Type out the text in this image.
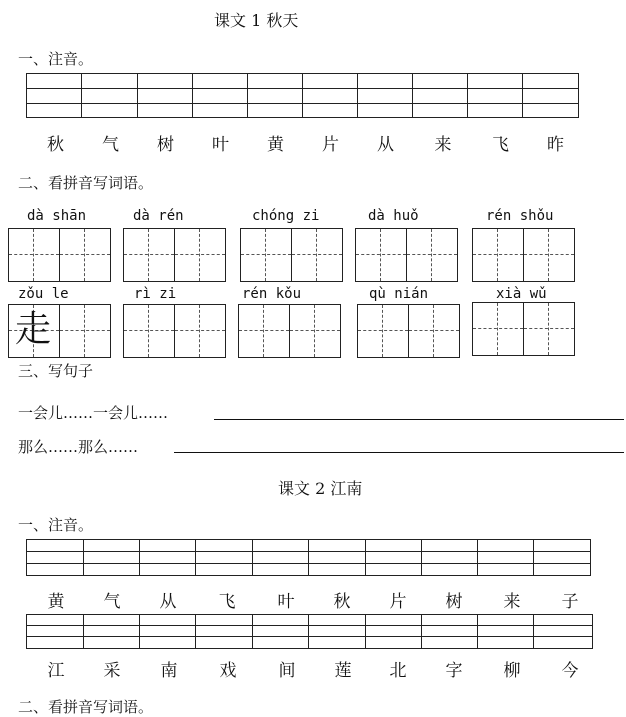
课文 1 秋天
一、注音。
秋	气	树	叶	黄	片	从	来	飞	昨
二、看拼音写词语。
dà shān	dà rén	chóng zi	dà huǒ	rén shǒu
zǒu le	rì zi	rén kǒu	qù nián	xià wǔ
走
三、写句子
一会儿……一会儿……
那么……那么……
课文 2 江南
一、注音。
黄	气	从	飞	叶	秋	片	树	来	子
江	采	南	戏	间	莲	北	字	柳	今
二、看拼音写词语。
